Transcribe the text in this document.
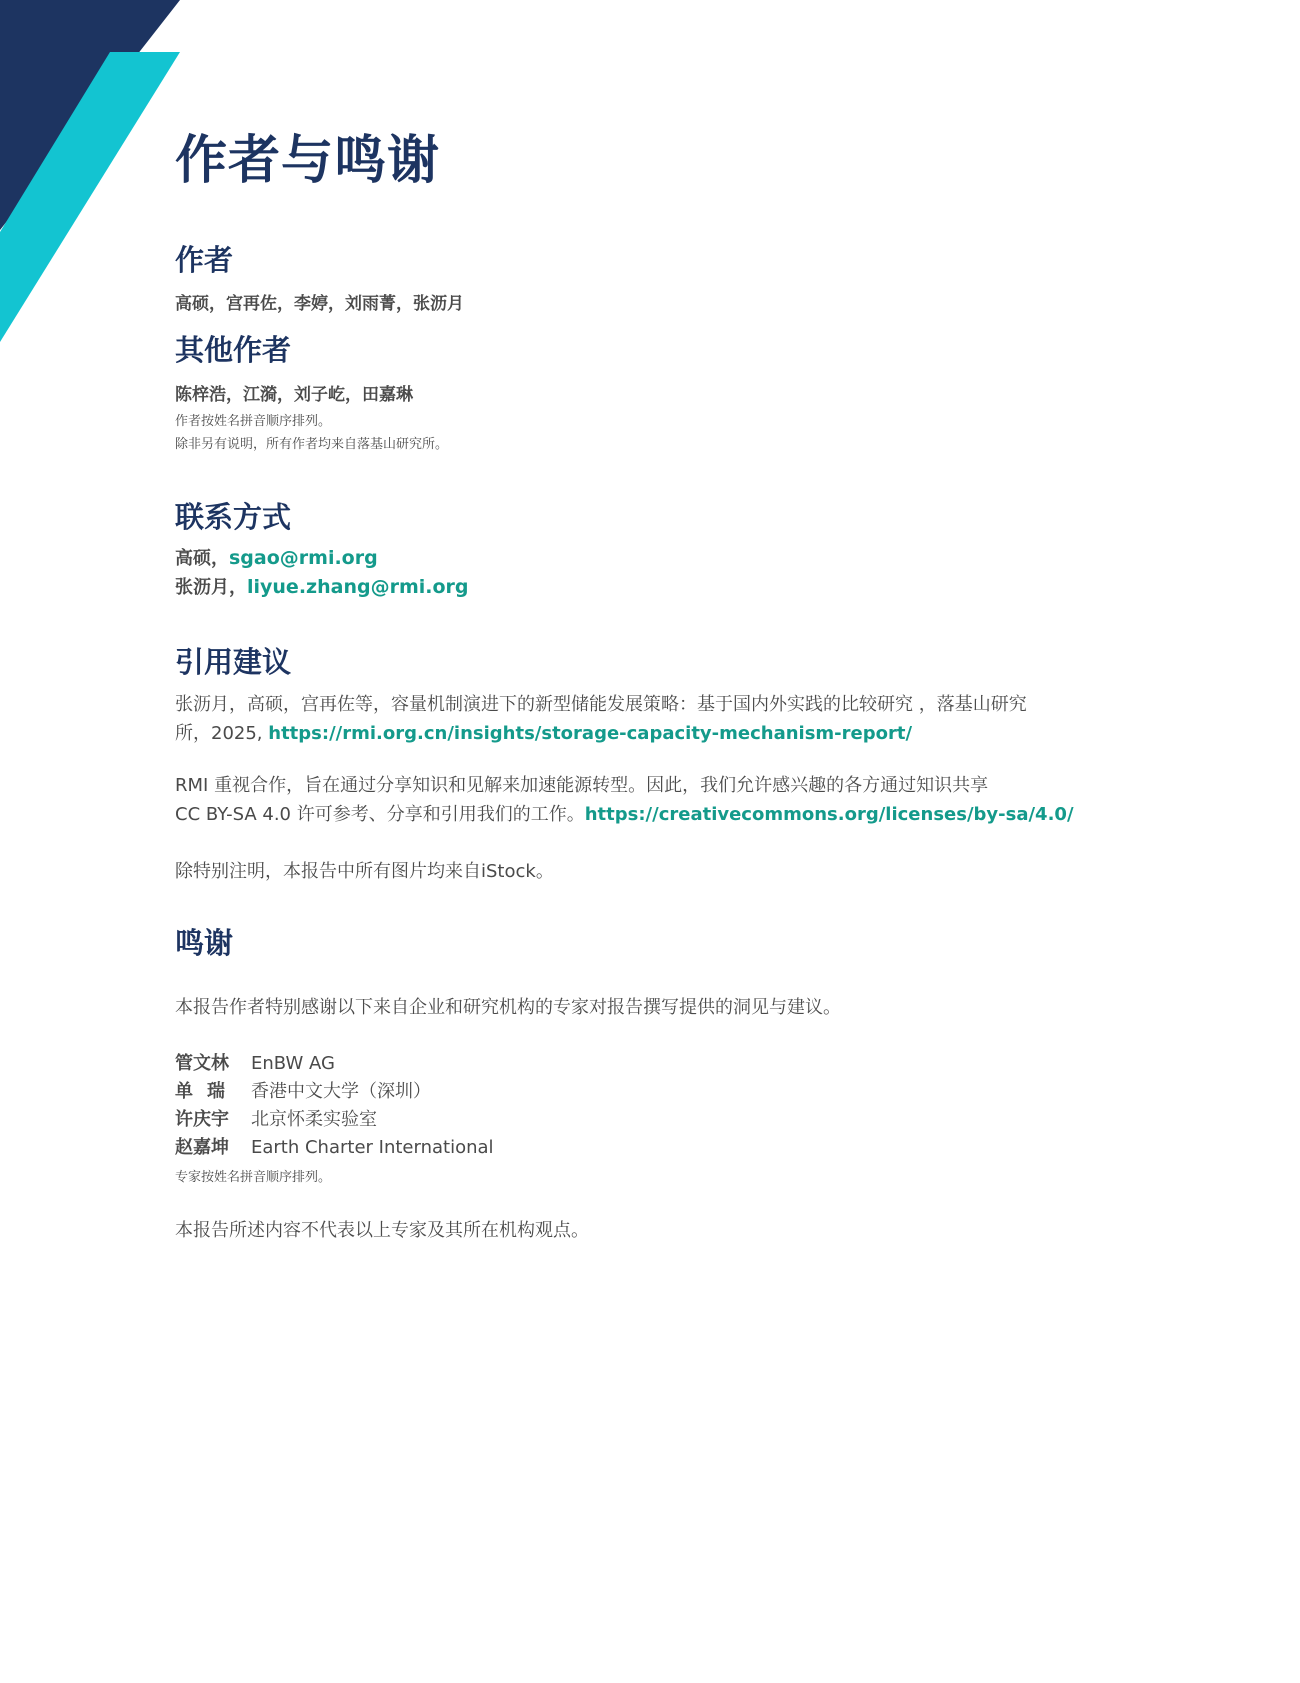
作者与鸣谢
作者

高硕，宫再佐，李婷，刘雨菁，张沥月

其他作者

陈梓浩，江漪，刘子屹，田嘉琳

作者按姓名拼音顺序排列。

除非另有说明，所有作者均来自落基山研究所。

联系方式

高硕，sgao@rmi.org

张沥月，liyue.zhang@rmi.org

引用建议

张沥月，高硕，宫再佐等，容量机制演进下的新型储能发展策略：基于国内外实践的比较研究 ，落基山研究

所，2025, https://rmi.org.cn/insights/storage-capacity-mechanism-report/

RMI 重视合作，旨在通过分享知识和见解来加速能源转型。因此，我们允许感兴趣的各方通过知识共享

CC BY-SA 4.0 许可参考、分享和引用我们的工作。https://creativecommons.org/licenses/by-sa/4.0/

除特别注明，本报告中所有图片均来自iStock。

鸣谢

本报告作者特别感谢以下来自企业和研究机构的专家对报告撰写提供的洞见与建议。

管文林 EnBW AG

单瑞 香港中文大学（深圳）

许庆宇 北京怀柔实验室

赵嘉坤 Earth Charter International

专家按姓名拼音顺序排列。

本报告所述内容不代表以上专家及其所在机构观点。
